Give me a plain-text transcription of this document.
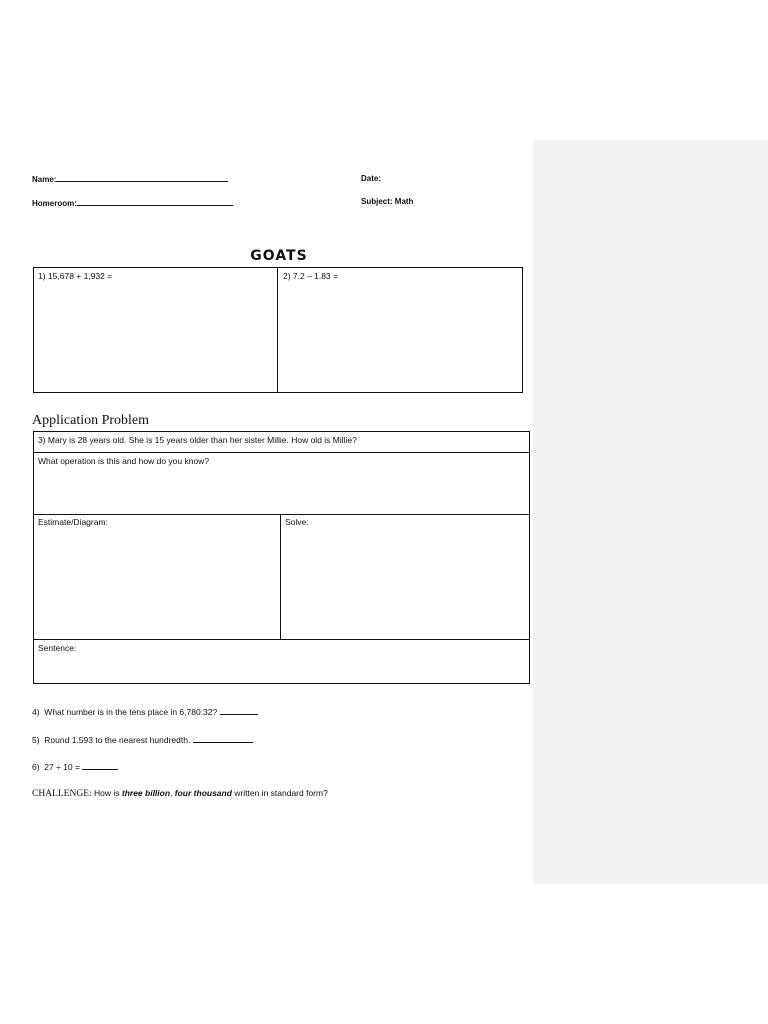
Name:
Homeroom:
Date:
Subject: Math
GOATS
1) 15,678 + 1,932 =	2) 7.2 – 1.83 =
Application Problem
3) Mary is 28 years old. She is 15 years older than her sister Millie. How old is Millie?
What operation is this and how do you know?
Estimate/Diagram:	Solve:
Sentence:
4) What number is in the tens place in 6,780.32?
5) Round 1.593 to the nearest hundredth.
6) 27 ÷ 10 =
CHALLENGE: How is three billion, four thousand written in standard form?
